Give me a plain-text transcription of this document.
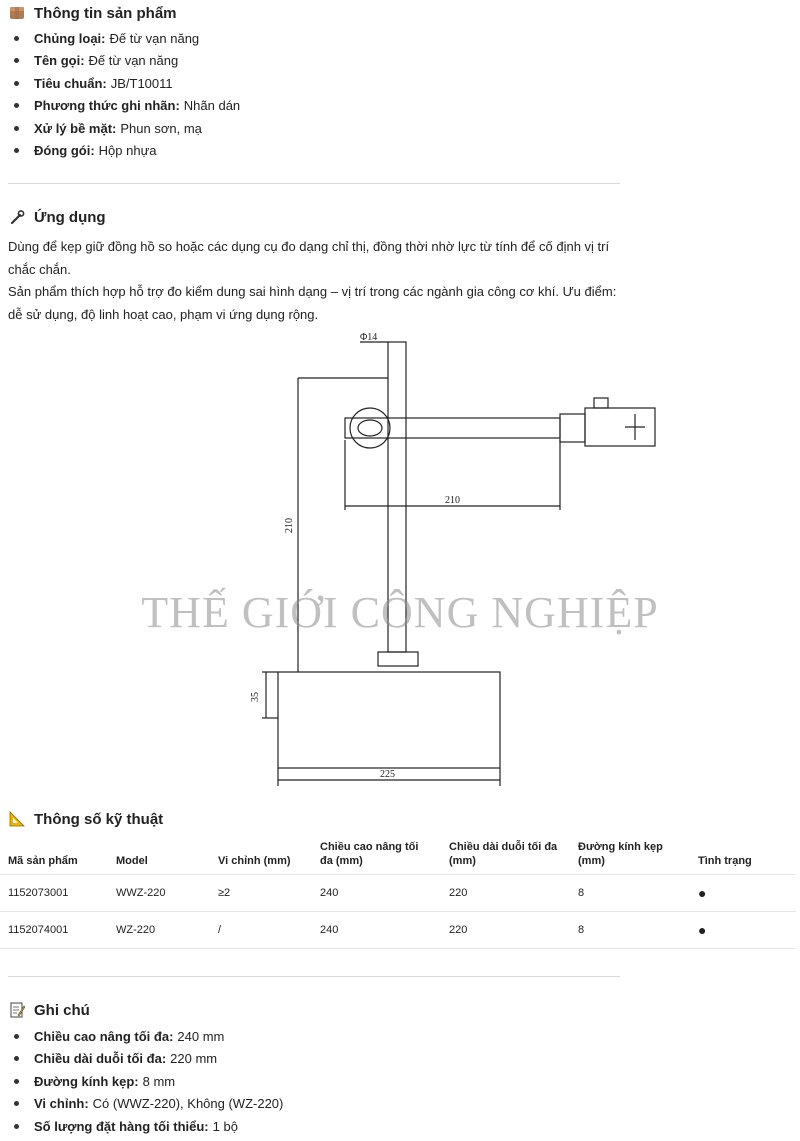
Thông tin sản phẩm
Chủng loại: Đế từ vạn năng
Tên gọi: Đế từ vạn năng
Tiêu chuẩn: JB/T10011
Phương thức ghi nhãn: Nhãn dán
Xử lý bề mặt: Phun sơn, mạ
Đóng gói: Hộp nhựa
Ứng dụng
Dùng để kẹp giữ đồng hồ so hoặc các dụng cụ đo dạng chỉ thị, đồng thời nhờ lực từ tính để cố định vị trí chắc chắn.
Sản phẩm thích hợp hỗ trợ đo kiểm dung sai hình dạng – vị trí trong các ngành gia công cơ khí. Ưu điểm: dễ sử dụng, độ linh hoạt cao, phạm vi ứng dụng rộng.
Φ14
210
210
35
225
THẾ GIỚI CÔNG NGHIỆP
Thông số kỹ thuật
Mã sản phẩm	Model	Vi chỉnh (mm)	Chiều cao nâng tối đa (mm)	Chiều dài duỗi tối đa (mm)	Đường kính kẹp (mm)	Tình trạng
1152073001	WWZ-220	≥2	240	220	8	●
1152074001	WZ-220	/	240	220	8	●
Ghi chú
Chiều cao nâng tối đa: 240 mm
Chiều dài duỗi tối đa: 220 mm
Đường kính kẹp: 8 mm
Vi chỉnh: Có (WWZ-220), Không (WZ-220)
Số lượng đặt hàng tối thiểu: 1 bộ
